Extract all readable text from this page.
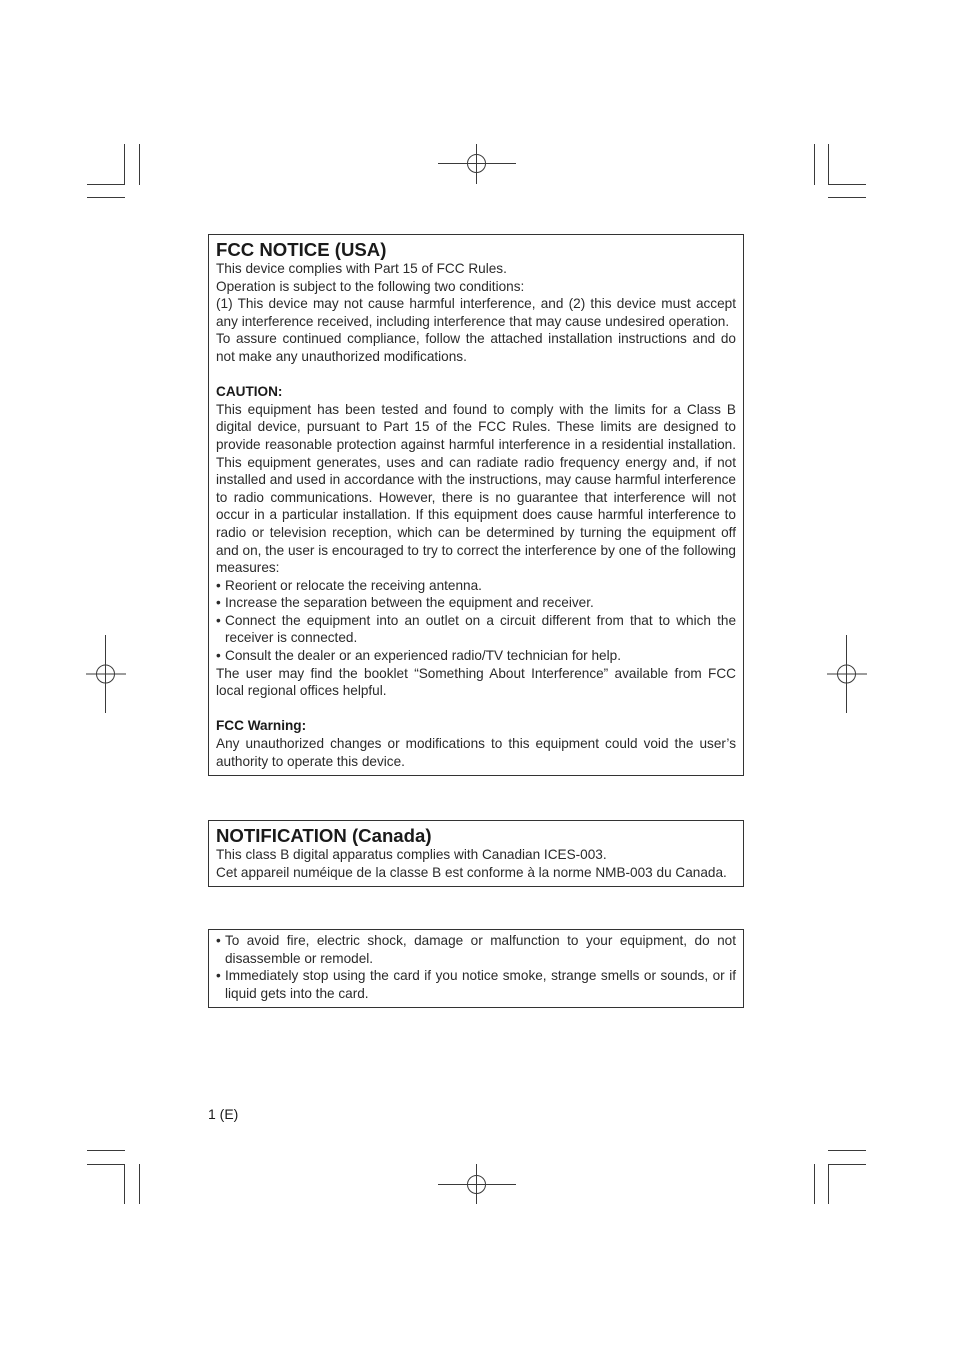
FCC NOTICE (USA)

This device complies with Part 15 of FCC Rules.

Operation is subject to the following two conditions:

(1) This device may not cause harmful interference, and (2) this device must accept any interference received, including interference that may cause undesired operation.

To assure continued compliance, follow the attached installation instructions and do not make any unauthorized modifications.

CAUTION:

This equipment has been tested and found to comply with the limits for a Class B digital device, pursuant to Part 15 of the FCC Rules. These limits are designed to provide reasonable protection against harmful interference in a residential installation. This equipment generates, uses and can radiate radio frequency energy and, if not installed and used in accordance with the instructions, may cause harmful interference to radio communications. However, there is no guarantee that interference will not occur in a particular installation. If this equipment does cause harmful interference to radio or television reception, which can be determined by turning the equipment off and on, the user is encouraged to try to correct the interference by one of the following measures:

• Reorient or relocate the receiving antenna.
• Increase the separation between the equipment and receiver.
• Connect the equipment into an outlet on a circuit different from that to which the receiver is connected.
• Consult the dealer or an experienced radio/TV technician for help.

The user may find the booklet “Something About Interference” available from FCC local regional offices helpful.

FCC Warning:

Any unauthorized changes or modifications to this equipment could void the user’s authority to operate this device.

NOTIFICATION (Canada)

This class B digital apparatus complies with Canadian ICES-003.

Cet appareil numéique de la classe B est conforme à la norme NMB-003 du Canada.

• To avoid fire, electric shock, damage or malfunction to your equipment, do not disassemble or remodel.
• Immediately stop using the card if you notice smoke, strange smells or sounds, or if liquid gets into the card.
1 (E)
